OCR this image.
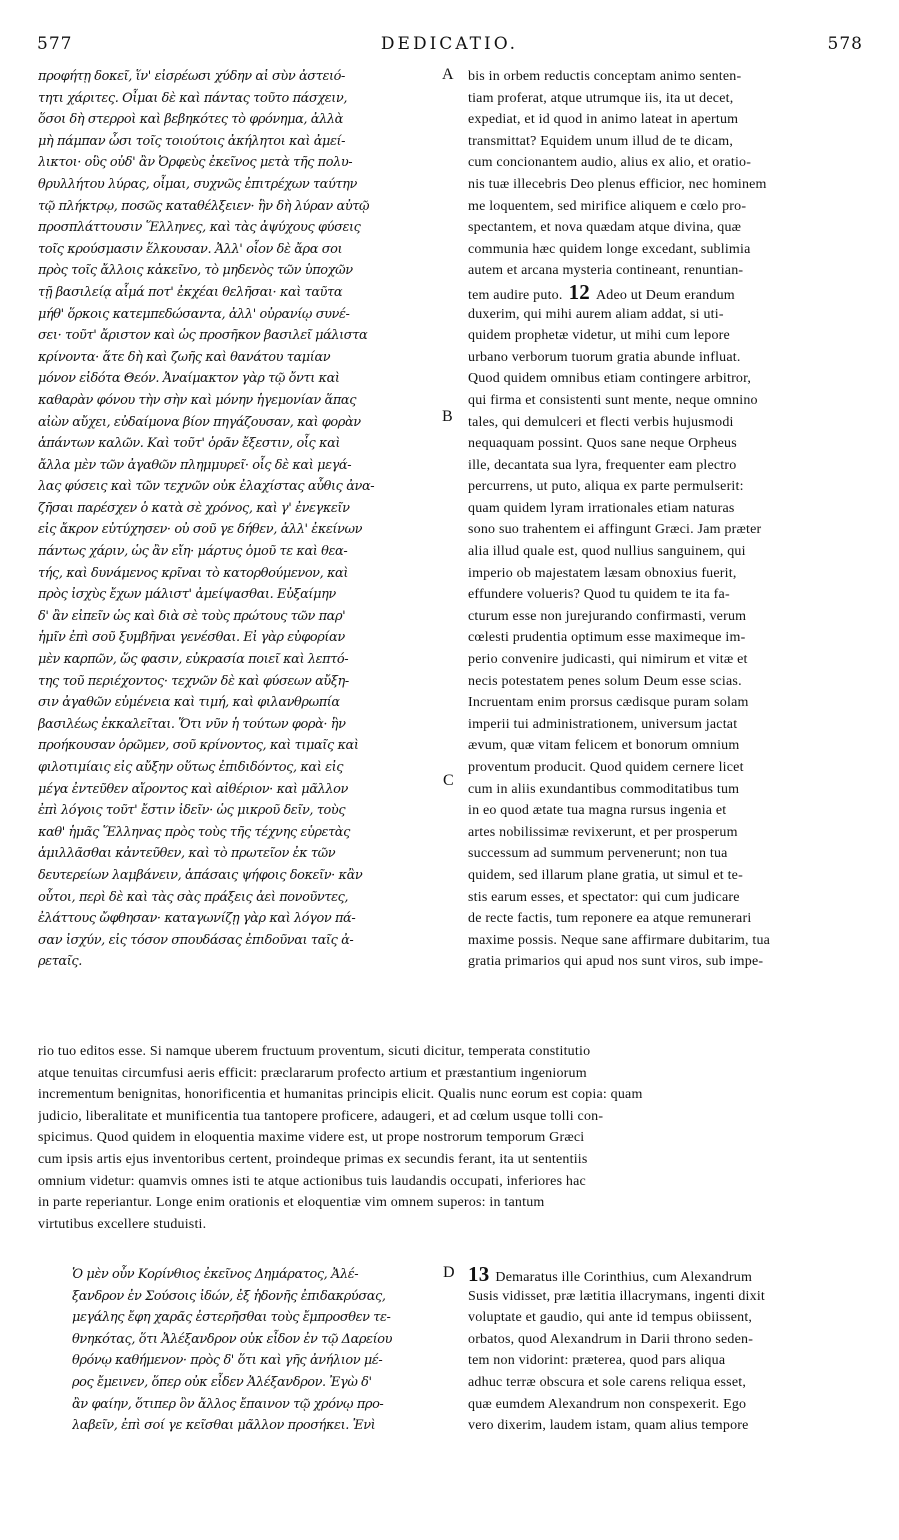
577	DEDICATIO.	578
προφήτῃ δοκεῖ, ἵν' εἰσρέωσι χύδην αἱ σὺν ἀστειό-
τητι χάριτες. Οἶμαι δὲ καὶ πάντας τοῦτο πάσχειν,
ὅσοι δὴ στερροὶ καὶ βεβηκότες τὸ φρόνημα, ἀλλὰ
μὴ πάμπαν ὦσι τοῖς τοιούτοις ἀκήλητοι καὶ ἀμεί-
λικτοι· οὓς οὐδ' ἂν Ὀρφεὺς ἐκεῖνος μετὰ τῆς πολυ-
θρυλλήτου λύρας, οἶμαι, συχνῶς ἐπιτρέχων ταύτην
τῷ πλήκτρῳ, ποσῶς καταθέλξειεν· ἣν δὴ λύραν αὐτῷ
προσπλάττουσιν Ἕλληνες, καὶ τὰς ἀψύχους φύσεις
τοῖς κρούσμασιν ἕλκουσαν. Ἀλλ' οἷον δὲ ἄρα σοι
πρὸς τοῖς ἄλλοις κἀκεῖνο, τὸ μηδενὸς τῶν ὑποχῶν
τῇ βασιλείᾳ αἷμά ποτ' ἐκχέαι θελῆσαι· καὶ ταῦτα
μήθ' ὅρκοις κατεμπεδώσαντα, ἀλλ' οὐρανίῳ συνέ-
σει· τοῦτ' ἄριστον καὶ ὡς προσῆκον βασιλεῖ μάλιστα
κρίνοντα· ἅτε δὴ καὶ ζωῆς καὶ θανάτου ταμίαν
μόνον εἰδότα Θεόν. Ἀναίμακτον γὰρ τῷ ὄντι καὶ
καθαρὰν φόνου τὴν σὴν καὶ μόνην ἡγεμονίαν ἅπας
αἰὼν αὔχει, εὐδαίμονα βίον πηγάζουσαν, καὶ φορὰν
ἁπάντων καλῶν. Καὶ τοῦτ' ὁρᾶν ἔξεστιν, οἷς καὶ
ἄλλα μὲν τῶν ἀγαθῶν πλημμυρεῖ· οἷς δὲ καὶ μεγά-
λας φύσεις καὶ τῶν τεχνῶν οὐκ ἐλαχίστας αὖθις ἀνα-
ζῆσαι παρέσχεν ὁ κατὰ σὲ χρόνος, καὶ γ' ἐνεγκεῖν
εἰς ἄκρον εὐτύχησεν· οὐ σοῦ γε δήθεν, ἀλλ' ἐκείνων
πάντως χάριν, ὡς ἂν εἴη· μάρτυς ὁμοῦ τε καὶ θεα-
τής, καὶ δυνάμενος κρῖναι τὸ κατορθούμενον, καὶ
πρὸς ἰσχὺς ἔχων μάλιστ' ἀμείψασθαι. Εὐξαίμην
δ' ἂν εἰπεῖν ὡς καὶ διὰ σὲ τοὺς πρώτους τῶν παρ'
ἡμῖν ἐπὶ σοῦ ξυμβῆναι γενέσθαι. Εἰ γὰρ εὐφορίαν
μὲν καρπῶν, ὥς φασιν, εὐκρασία ποιεῖ καὶ λεπτό-
της τοῦ περιέχοντος· τεχνῶν δὲ καὶ φύσεων αὔξη-
σιν ἀγαθῶν εὐμένεια καὶ τιμή, καὶ φιλανθρωπία
βασιλέως ἐκκαλεῖται. Ὅτι νῦν ἡ τούτων φορὰ· ἣν
προήκουσαν ὁρῶμεν, σοῦ κρίνοντος, καὶ τιμαῖς καὶ
φιλοτιμίαις εἰς αὔξην οὕτως ἐπιδιδόντος, καὶ εἰς
μέγα ἐντεῦθεν αἴροντος καὶ αἰθέριον· καὶ μᾶλλον
ἐπὶ λόγοις τοῦτ' ἔστιν ἰδεῖν· ὡς μικροῦ δεῖν, τοὺς
καθ' ἡμᾶς Ἕλληνας πρὸς τοὺς τῆς τέχνης εὑρετὰς
ἁμιλλᾶσθαι κἀντεῦθεν, καὶ τὸ πρωτεῖον ἐκ τῶν
δευτερείων λαμβάνειν, ἁπάσαις ψήφοις δοκεῖν· κἂν
οὗτοι, περὶ δὲ καὶ τὰς σὰς πράξεις ἀεὶ πονοῦντες,
ἐλάττους ὤφθησαν· καταγωνίζῃ γὰρ καὶ λόγον πά-
σαν ἰσχύν, εἰς τόσον σπουδάσας ἐπιδοῦναι ταῖς ἀ-
ρεταῖς.
bis in orbem reductis conceptam animo senten-
tiam proferat, atque utrumque iis, ita ut decet,
expediat, et id quod in animo lateat in apertum
transmittat? Equidem unum illud de te dicam,
cum concionantem audio, alius ex alio, et oratio-
nis tuæ illecebris Deo plenus efficior, nec hominem
me loquentem, sed mirifice aliquem e cœlo pro-
spectantem, et nova quædam atque divina, quæ
communia hæc quidem longe excedant, sublimia
autem et arcana mysteria contineant, renuntian-
tem audire puto. 12 Adeo ut Deum erandum
duxerim, qui mihi aurem aliam addat, si uti-
quidem prophetæ videtur, ut mihi cum lepore
urbano verborum tuorum gratia abunde influat.
Quod quidem omnibus etiam contingere arbitror,
qui firma et consistenti sunt mente, neque omnino
tales, qui demulceri et flecti verbis hujusmodi
nequaquam possint. Quos sane neque Orpheus
ille, decantata sua lyra, frequenter eam plectro
percurrens, ut puto, aliqua ex parte permulserit:
quam quidem lyram irrationales etiam naturas
sono suo trahentem ei affingunt Græci. Jam præter
alia illud quale est, quod nullius sanguinem, qui
imperio ob majestatem læsam obnoxius fuerit,
effundere volueris? Quod tu quidem te ita fa-
cturum esse non jurejurando confirmasti, verum
cœlesti prudentia optimum esse maximeque im-
perio convenire judicasti, qui nimirum et vitæ et
necis potestatem penes solum Deum esse scias.
Incruentam enim prorsus cædisque puram solam
imperii tui administrationem, universum jactat
ævum, quæ vitam felicem et bonorum omnium
proventum producit. Quod quidem cernere licet
cum in aliis exundantibus commoditatibus tum
in eo quod ætate tua magna rursus ingenia et
artes nobilissimæ revixerunt, et per prosperum
successum ad summum pervenerunt; non tua
quidem, sed illarum plane gratia, ut simul et te-
stis earum esses, et spectator: qui cum judicare
de recte factis, tum reponere ea atque remunerari
maxime possis. Neque sane affirmare dubitarim, tua
gratia primarios qui apud nos sunt viros, sub impe-
A
B
C
D
rio tuo editos esse. Si namque uberem fructuum proventum, sicuti dicitur, temperata constitutio
atque tenuitas circumfusi aeris efficit: præclararum profecto artium et præstantium ingeniorum
incrementum benignitas, honorificentia et humanitas principis elicit. Qualis nunc eorum est copia: quam
judicio, liberalitate et munificentia tua tantopere proficere, adaugeri, et ad cœlum usque tolli con-
spicimus. Quod quidem in eloquentia maxime videre est, ut prope nostrorum temporum Græci
cum ipsis artis ejus inventoribus certent, proindeque primas ex secundis ferant, ita ut sententiis
omnium videtur: quamvis omnes isti te atque actionibus tuis laudandis occupati, inferiores hac
in parte reperiantur. Longe enim orationis et eloquentiæ vim omnem superos: in tantum
virtutibus excellere studuisti.
Ὁ μὲν οὖν Κορίνθιος ἐκεῖνος Δημάρατος, Ἀλέ-
ξανδρον ἐν Σούσοις ἰδών, ἐξ ἡδονῆς ἐπιδακρύσας,
μεγάλης ἔφη χαρᾶς ἐστερῆσθαι τοὺς ἔμπροσθεν τε-
θνηκότας, ὅτι Ἀλέξανδρον οὐκ εἶδον ἐν τῷ Δαρείου
θρόνῳ καθήμενον· πρὸς δ' ὅτι καὶ γῆς ἀνήλιον μέ-
ρος ἔμεινεν, ὅπερ οὐκ εἶδεν Ἀλέξανδρον. Ἐγὼ δ'
ἂν φαίην, ὅτιπερ ὃν ἄλλος ἔπαινον τῷ χρόνῳ προ-
λαβεῖν, ἐπὶ σοί γε κεῖσθαι μᾶλλον προσήκει. Ἐνὶ
13 Demaratus ille Corinthius, cum Alexandrum
Susis vidisset, præ lætitia illacrymans, ingenti dixit
voluptate et gaudio, qui ante id tempus obiissent,
orbatos, quod Alexandrum in Darii throno seden-
tem non vidorint: præterea, quod pars aliqua
adhuc terræ obscura et sole carens reliqua esset,
quæ eumdem Alexandrum non conspexerit. Ego
vero dixerim, laudem istam, quam alius tempore
